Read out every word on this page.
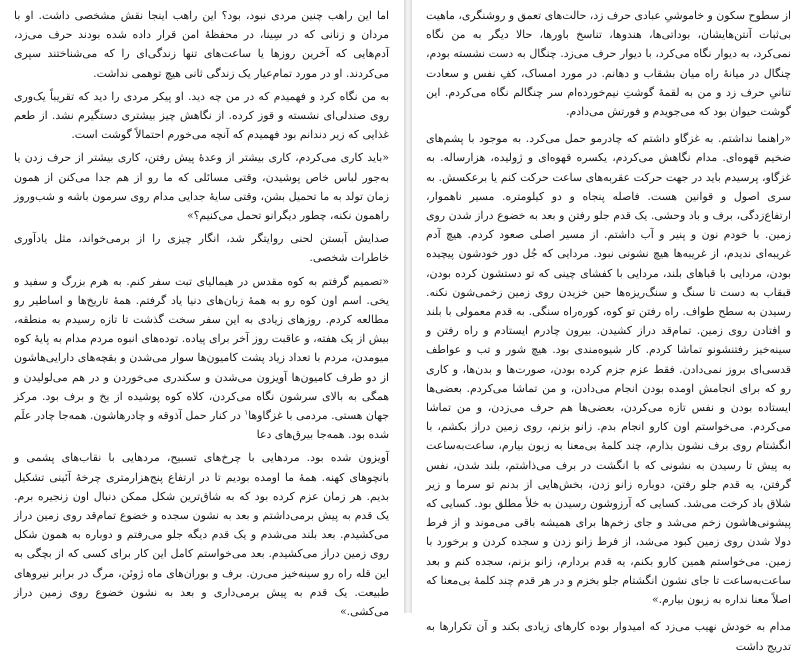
اما این راهب چنین مردی نبود، بود؟ این راهب اینجا نقش مشخصی داشت. او با مردان و زنانی که در سِینا، در محفظهٔ امن قرار داده شده بودند حرف می‌زد، آدم‌هایی که آخرین روزها یا ساعت‌های تنها زندگی‌ای را که می‌شناختند سپری می‌کردند. او در مورد تمام‌عیار یک زندگی ثانی هیچ توهمی نداشت.

به من نگاه کرد و فهمیدم که در من چه دید. او پیکر مردی را دید که تقریباً یک‌وری روی صندلی‌ای نشسته و قوز کرده. از نگاهش چیز بیشتری دستگیرم نشد. از طعم غذایی که زیر دندانم بود فهمیدم که آنچه می‌خورم احتمالاً گوشت است.

«باید کاری می‌کردم، کاری بیشتر از وعدهٔ پیش رفتن، کاری بیشتر از حرف زدن یا به‌جور لباس خاص پوشیدن، وقتی مسائلی که ما رو از هم جدا می‌کنن از همون زمان تولد به ما تحمیل بشن، وقتی سایهٔ جدایی مدام روی سرمون باشه و شب‌وروز راهمون نکنه، چطور دیگرانو تحمل می‌کنیم؟»

صدایش آبستن لحنی روایتگر شد، انگار چیزی را از برمی‌خواند، مثل یادآوری خاطرات شخصی.

«تصمیم گرفتم به کوه مقدس در هیمالیای تبت سفر کنم. به هرم بزرگ و سفید و یخی. اسم اون کوه رو به همهٔ زبان‌های دنیا یاد گرفتم. همهٔ تاریخ‌ها و اساطیر رو مطالعه کردم. روزهای زیادی به این سفر سخت گذشت تا تازه رسیدم به منطقه، بیش از یک هفته، و عاقبت روز آخر برای پیاده. توده‌های انبوه مردم مدام به پایهٔ کوه میومدن، مردم با تعداد زیاد پشت کامیون‌ها سوار می‌شدن و بقچه‌های دارایی‌هاشون از دو طرف کامیون‌ها آویزون می‌شدن و سکندری می‌خوردن و در هم می‌لولیدن و همگی به بالای سرشون نگاه می‌کردن، کلاه کوه پوشیده از یخ و برف بود. مرکز جهان هستی. مردمی با غزگاوها$^۱$ در کنار حمل آذوقه و چادرهاشون. همه‌جا چادر علَم شده بود. همه‌جا بیرق‌های دعا

آویزون شده بود. مردهایی با چرخ‌های تسبیح، مردهایی با نقاب‌های پشمی و بانچوهای کهنه. همهٔ ما اومده بودیم تا در ارتفاع پنج‌هزارمتری چرخهٔ آئینی تشکیل بدیم. هر زمان عزم کرده بود که به شاق‌ترین شکل ممکن دنبال اون زنجیره برم. یک قدم به پیش برمی‌داشتم و بعد به نشون سجده و خضوع تمام‌قد روی زمین دراز می‌کشیدم. بعد بلند می‌شدم و یک قدم دیگه جلو می‌رفتم و دوباره به همون شکل روی زمین دراز می‌کشیدم. بعد می‌خواستم کامل این کار برای کسی که از بچگی به این قله راه رو سینه‌خیز می‌رن. برف و بوران‌های ماه ژوئن، مرگ در برابر نیروهای طبیعت. یک قدم به پیش برمی‌داری و بعد به نشون خضوع روی زمین دراز می‌کشی.»

از سطوح سکون و خاموشیِ عبادی حرف زد، حالت‌های تعمق و روشنگری، ماهیت بی‌ثبات آنتن‌هایشان، بوداتی‌ها، هندوها، تناسخ باورها، حالا دیگر به من نگاه نمی‌کرد، به دیوار نگاه می‌کرد، با دیوار حرف می‌زد. چنگال به دست نشسته بودم، چنگال در میانهٔ راه میان بشقاب و دهانم. در مورد امساک، کفِ نفس و سعادت تنانیِ حرف زد و من به لقمهٔ گوشتِ نیم‌خورده‌ام سر چنگالم نگاه می‌کردم. این گوشت حیوان بود که می‌جویدم و فورتش می‌دادم.

«راهنما نداشتم. به غزگاو داشتم که چادرمو حمل می‌کرد. به موجود با پشم‌های ضخیم قهوه‌ای. مدام نگاهش می‌کردم، یکسره قهوه‌ای و ژولیده، هزارساله. به غزگاو، پرسیدم باید در جهت حرکت عقربه‌های ساعت حرکت کنم یا برعکسش. به سری اصول و قوانین هست. فاصله پنجاه و دو کیلومتره. مسیر ناهموار، ارتفاع‌زدگی، برف و باد وحشی. یک قدم جلو رفتن و بعد به خضوع دراز شدن روی زمین. با خودم نون و پنیر و آب داشتم. از مسیر اصلی صعود کردم. هیچ آدم غریبه‌ای ندیدم، از غریبه‌ها هیچ نشونی نبود. مردایی که جُل دور خودشون پیچیده بودن، مردایی با قباهای بلند، مردایی با کفشای چینی که تو دستشون کرده بودن، قبقاب به دست تا سنگ و سنگ‌ریزه‌ها حین خزیدن روی زمین زخمی‌شون نکنه. رسیدن به سطح طواف. راه رفتن تو کوه، کوره‌راه سنگی. به قدم معمولی با بلند و افتادن روی زمین. تمام‌قد دراز کشیدن. بیرون چادرم ایستادم و راه رفتن و سینه‌خیز رفتنشونو تماشا کردم. کار شیوه‌مندی بود. هیچ شور و تب و عواطف قدسی‌ای بروز نمی‌دادن. فقط عزم جزم کرده بودن، صورت‌ها و بدن‌ها، و کاری رو که برای انجامش اومده بودن انجام می‌دادن، و من تماشا می‌کردم. بعضی‌ها ایستاده بودن و نفس تازه می‌کردن، بعضی‌ها هم حرف می‌زدن، و من تماشا می‌کردم. می‌خواستم اون کارو انجام بدم. زانو بزنم، روی زمین دراز بکشم، با انگشتام روی برف نشون بذارم، چند کلمهٔ بی‌معنا به زبون بیارم، ساعت‌به‌ساعت به پیش تا رسیدن به نشونی که با انگشت در برف می‌ذاشتم، بلند شدن، نفس گرفتن، یه قدم جلو رفتن، دوباره زانو زدن، بخش‌هایی از بدنم تو سرما و زیر شلاق باد کرخت می‌شد. کسایی که آرزوشون رسیدن به خلأ مطلق بود. کسایی که پیشونی‌هاشون زخم می‌شد و جای زخم‌ها برای همیشه باقی می‌موند و از فرط دولا شدن روی زمین کبود می‌شد، از فرط زانو زدن و سجده کردن و برخورد با زمین. می‌خواستم همین کارو بکنم، یه قدم بردارم، زانو بزنم، سجده کنم و بعد ساعت‌به‌ساعت تا جای نشون انگشتام جلو بخزم و در هر قدم چند کلمهٔ بی‌معنا که اصلاً معنا نداره به زبون بیارم.»

مدام به خودش نهیب می‌زد که امیدوار بوده کارهای زیادی بکند و آن تکرارها به تدریج داشت
